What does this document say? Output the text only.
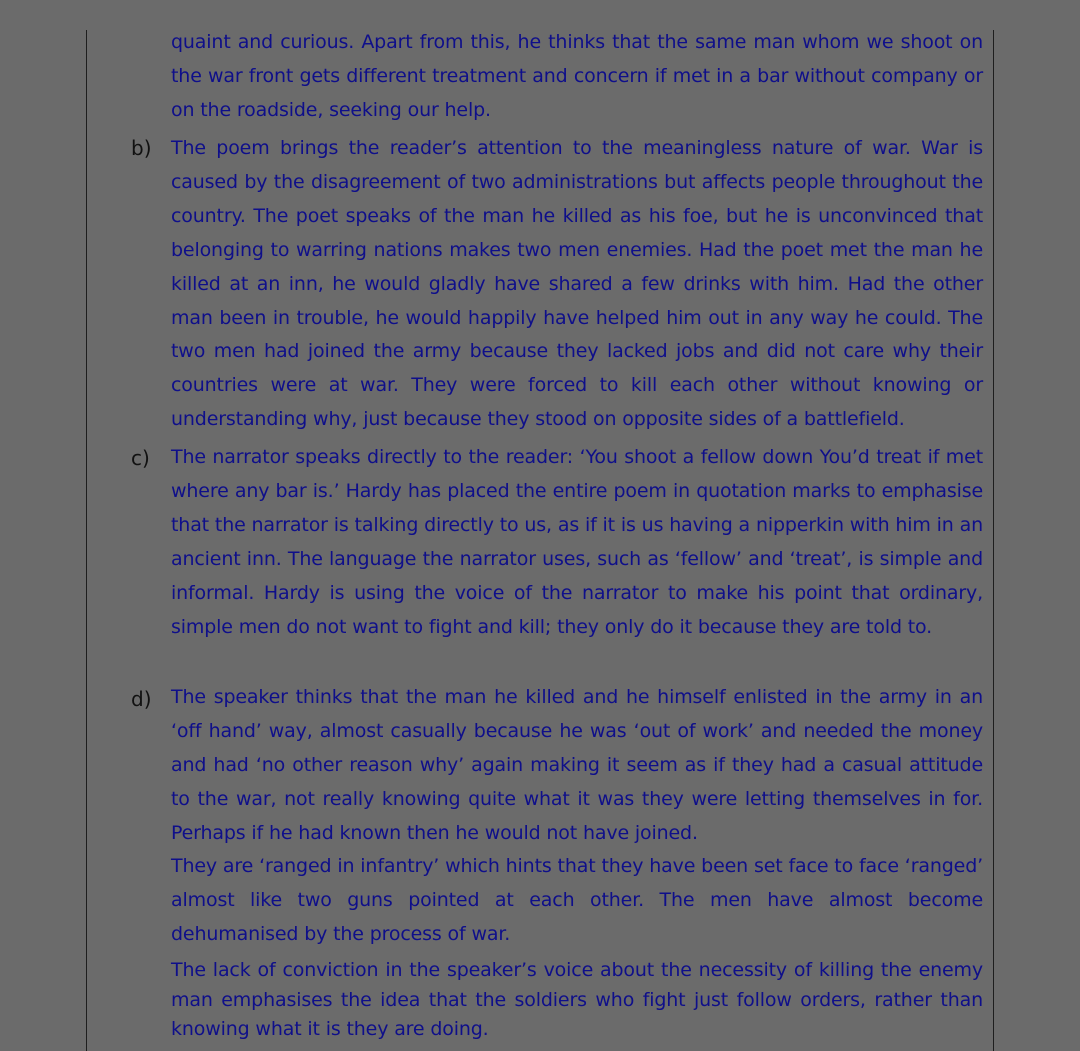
quaint and curious. Apart from this, he thinks that the same man whom we shoot on the war front gets different treatment and concern if met in a bar without company or on the roadside, seeking our help.

b) The poem brings the reader’s attention to the meaningless nature of war. War is caused by the disagreement of two administrations but affects people throughout the country. The poet speaks of the man he killed as his foe, but he is unconvinced that belonging to warring nations makes two men enemies. Had the poet met the man he killed at an inn, he would gladly have shared a few drinks with him. Had the other man been in trouble, he would happily have helped him out in any way he could. The two men had joined the army because they lacked jobs and did not care why their countries were at war. They were forced to kill each other without knowing or understanding why, just because they stood on opposite sides of a battlefield.

c) The narrator speaks directly to the reader: ‘You shoot a fellow down You’d treat if met where any bar is.’ Hardy has placed the entire poem in quotation marks to emphasise that the narrator is talking directly to us, as if it is us having a nipperkin with him in an ancient inn. The language the narrator uses, such as ‘fellow’ and ‘treat’, is simple and informal. Hardy is using the voice of the narrator to make his point that ordinary, simple men do not want to fight and kill; they only do it because they are told to.

d) The speaker thinks that the man he killed and he himself enlisted in the army in an ‘off hand’ way, almost casually because he was ‘out of work’ and needed the money and had ‘no other reason why’ again making it seem as if they had a casual attitude to the war, not really knowing quite what it was they were letting themselves in for. Perhaps if he had known then he would not have joined.

They are ‘ranged in infantry’ which hints that they have been set face to face ‘ranged’ almost like two guns pointed at each other. The men have almost become dehumanised by the process of war.

The lack of conviction in the speaker’s voice about the necessity of killing the enemy man emphasises the idea that the soldiers who fight just follow orders, rather than knowing what it is they are doing.
